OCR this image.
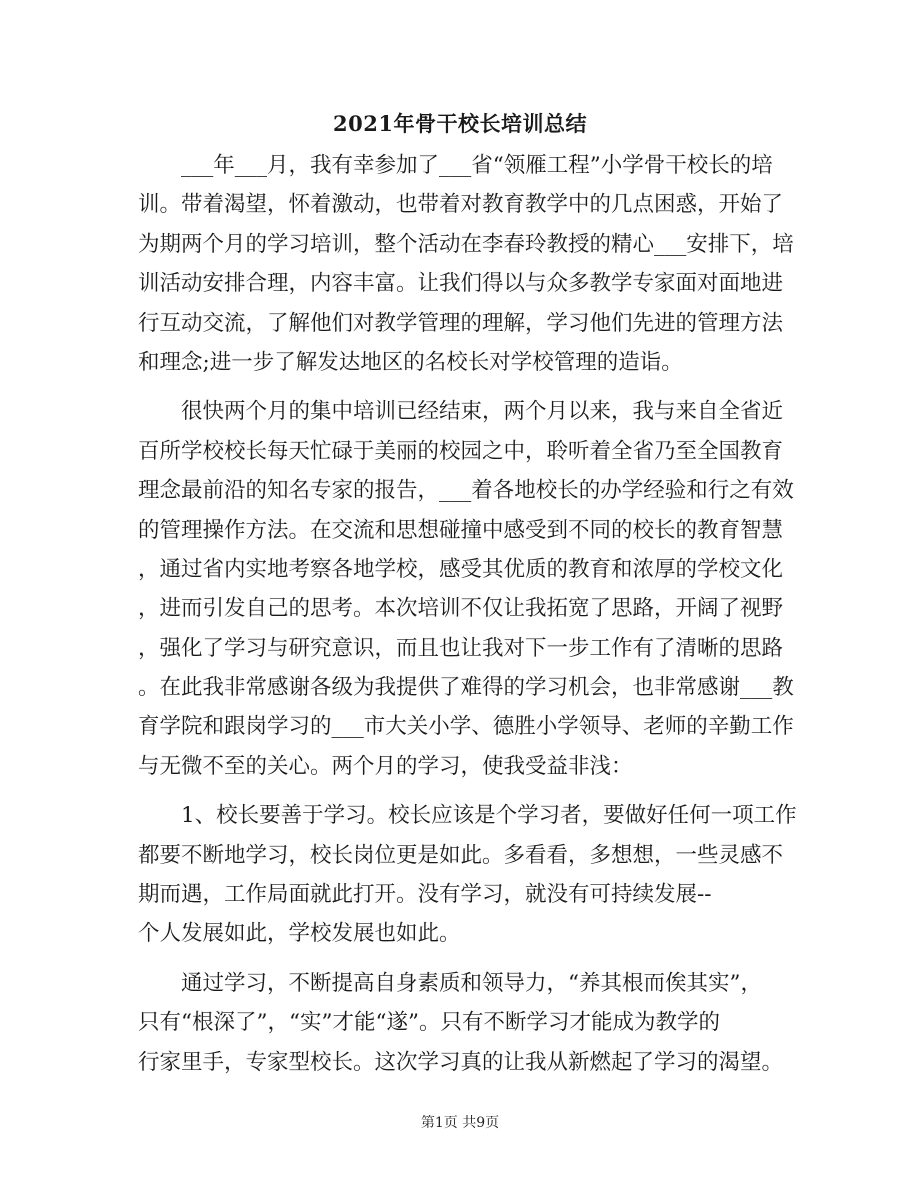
2021年骨干校长培训总结
___年___月，我有幸参加了___省“领雁工程”小学骨干校长的培
训。带着渴望，怀着激动，也带着对教育教学中的几点困惑，开始了
为期两个月的学习培训，整个活动在李春玲教授的精心___安排下，培
训活动安排合理，内容丰富。让我们得以与众多教学专家面对面地进
行互动交流，了解他们对教学管理的理解，学习他们先进的管理方法
和理念;进一步了解发达地区的名校长对学校管理的造诣。
很快两个月的集中培训已经结束，两个月以来，我与来自全省近
百所学校校长每天忙碌于美丽的校园之中，聆听着全省乃至全国教育
理念最前沿的知名专家的报告，___着各地校长的办学经验和行之有效
的管理操作方法。在交流和思想碰撞中感受到不同的校长的教育智慧
，通过省内实地考察各地学校，感受其优质的教育和浓厚的学校文化
，进而引发自己的思考。本次培训不仅让我拓宽了思路，开阔了视野
，强化了学习与研究意识，而且也让我对下一步工作有了清晰的思路
。在此我非常感谢各级为我提供了难得的学习机会，也非常感谢___教
育学院和跟岗学习的___市大关小学、德胜小学领导、老师的辛勤工作
与无微不至的关心。两个月的学习，使我受益非浅：
1、校长要善于学习。校长应该是个学习者，要做好任何一项工作
都要不断地学习，校长岗位更是如此。多看看，多想想，一些灵感不
期而遇，工作局面就此打开。没有学习，就没有可持续发展--
个人发展如此，学校发展也如此。
通过学习，不断提高自身素质和领导力，“养其根而俟其实”，
只有“根深了”，“实”才能“遂”。只有不断学习才能成为教学的
行家里手，专家型校长。这次学习真的让我从新燃起了学习的渴望。
第1页 共9页
